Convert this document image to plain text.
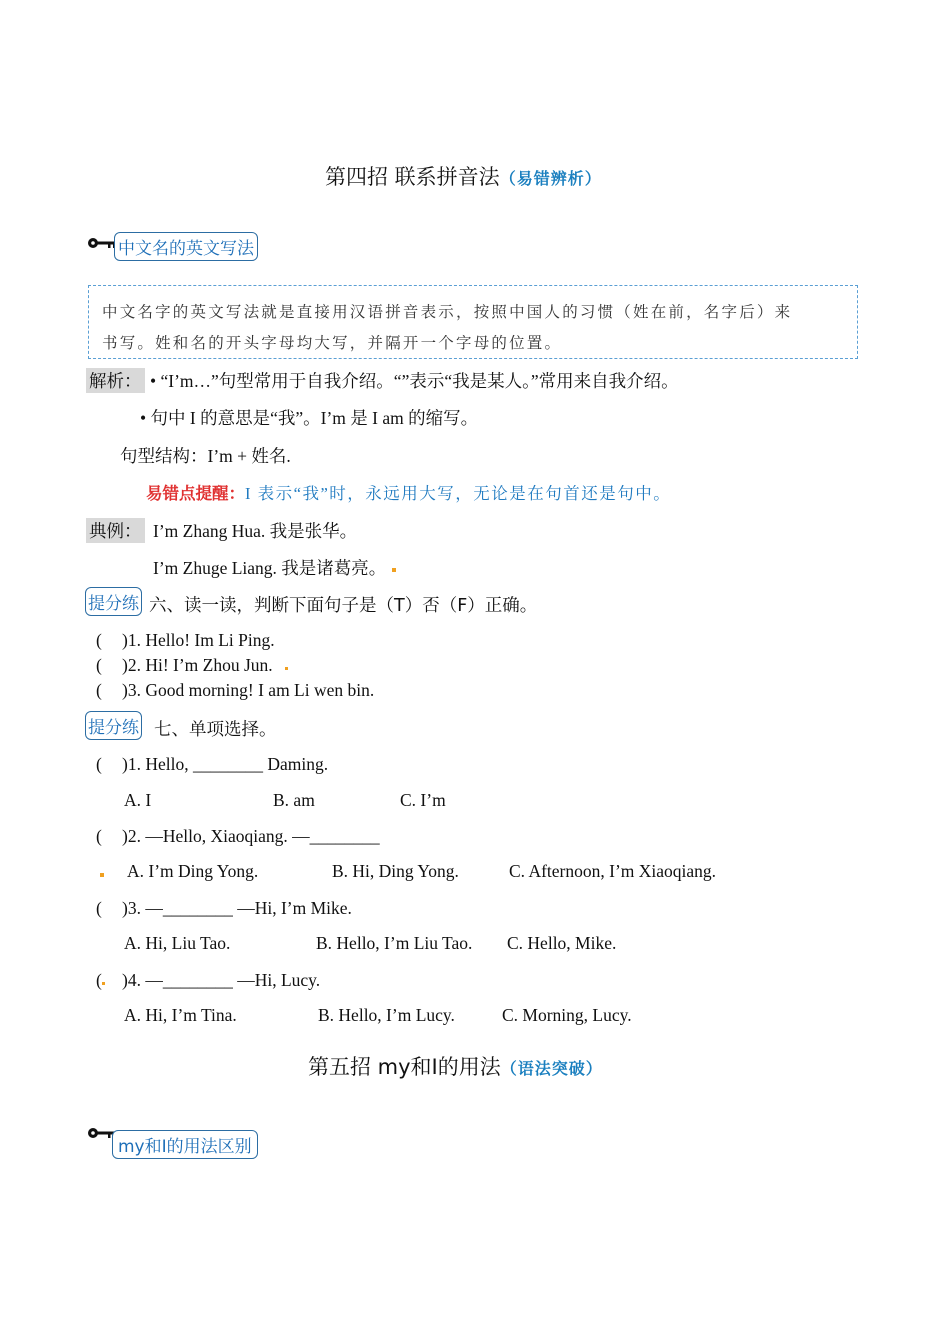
第四招 联系拼音法（易错辨析）
中文名的英文写法
中文名字的英文写法就是直接用汉语拼音表示，按照中国人的习惯（姓在前，名字后）来
书写。姓和名的开头字母均大写，并隔开一个字母的位置。
解析： • “I’m…”句型常用于自我介绍。“”表示“我是某人。”常用来自我介绍。
• 句中 I 的意思是“我”。I’m 是 I am 的缩写。
句型结构：I’m + 姓名.
易错点提醒：I 表示“我”时，永远用大写，无论是在句首还是句中。
典例： I’m Zhang Hua. 我是张华。
I’m Zhuge Liang. 我是诸葛亮。
提分练 六、读一读，判断下面句子是（T）否（F）正确。
( )1. Hello! Im Li Ping.
( )2. Hi! I’m Zhou Jun.
( )3. Good morning! I am Li wen bin.
提分练 七、单项选择。
( )1. Hello, ________ Daming.
A. I	B. am	C. I’m
( )2. —Hello, Xiaoqiang. —________
A. I’m Ding Yong.	B. Hi, Ding Yong.	C. Afternoon, I’m Xiaoqiang.
( )3. —________ —Hi, I’m Mike.
A. Hi, Liu Tao.	B. Hello, I’m Liu Tao. C. Hello, Mike.
( )4. —________ —Hi, Lucy.
A. Hi, I’m Tina.	B. Hello, I’m Lucy.	C. Morning, Lucy.
第五招 my和I的用法（语法突破）
my和I的用法区别
